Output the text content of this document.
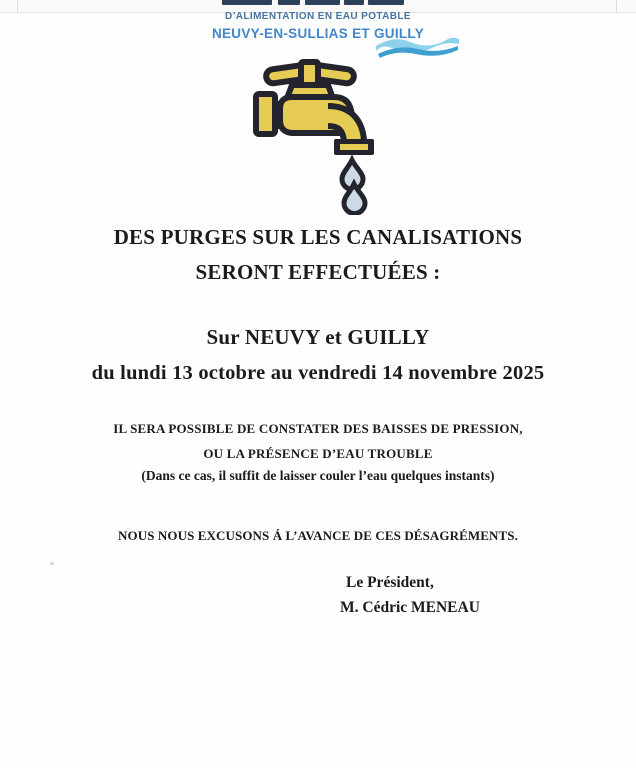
D’ALIMENTATION EN EAU POTABLE
NEUVY-EN-SULLIAS ET GUILLY
DES PURGES SUR LES CANALISATIONS
SERONT EFFECTUÉES :
Sur NEUVY et GUILLY
du lundi 13 octobre au vendredi 14 novembre 2025
IL SERA POSSIBLE DE CONSTATER DES BAISSES DE PRESSION,
OU LA PRÉSENCE D’EAU TROUBLE
(Dans ce cas, il suffit de laisser couler l’eau quelques instants)
NOUS NOUS EXCUSONS Á L’AVANCE DE CES DÉSAGRÉMENTS.
Le Président,
M. Cédric MENEAU
